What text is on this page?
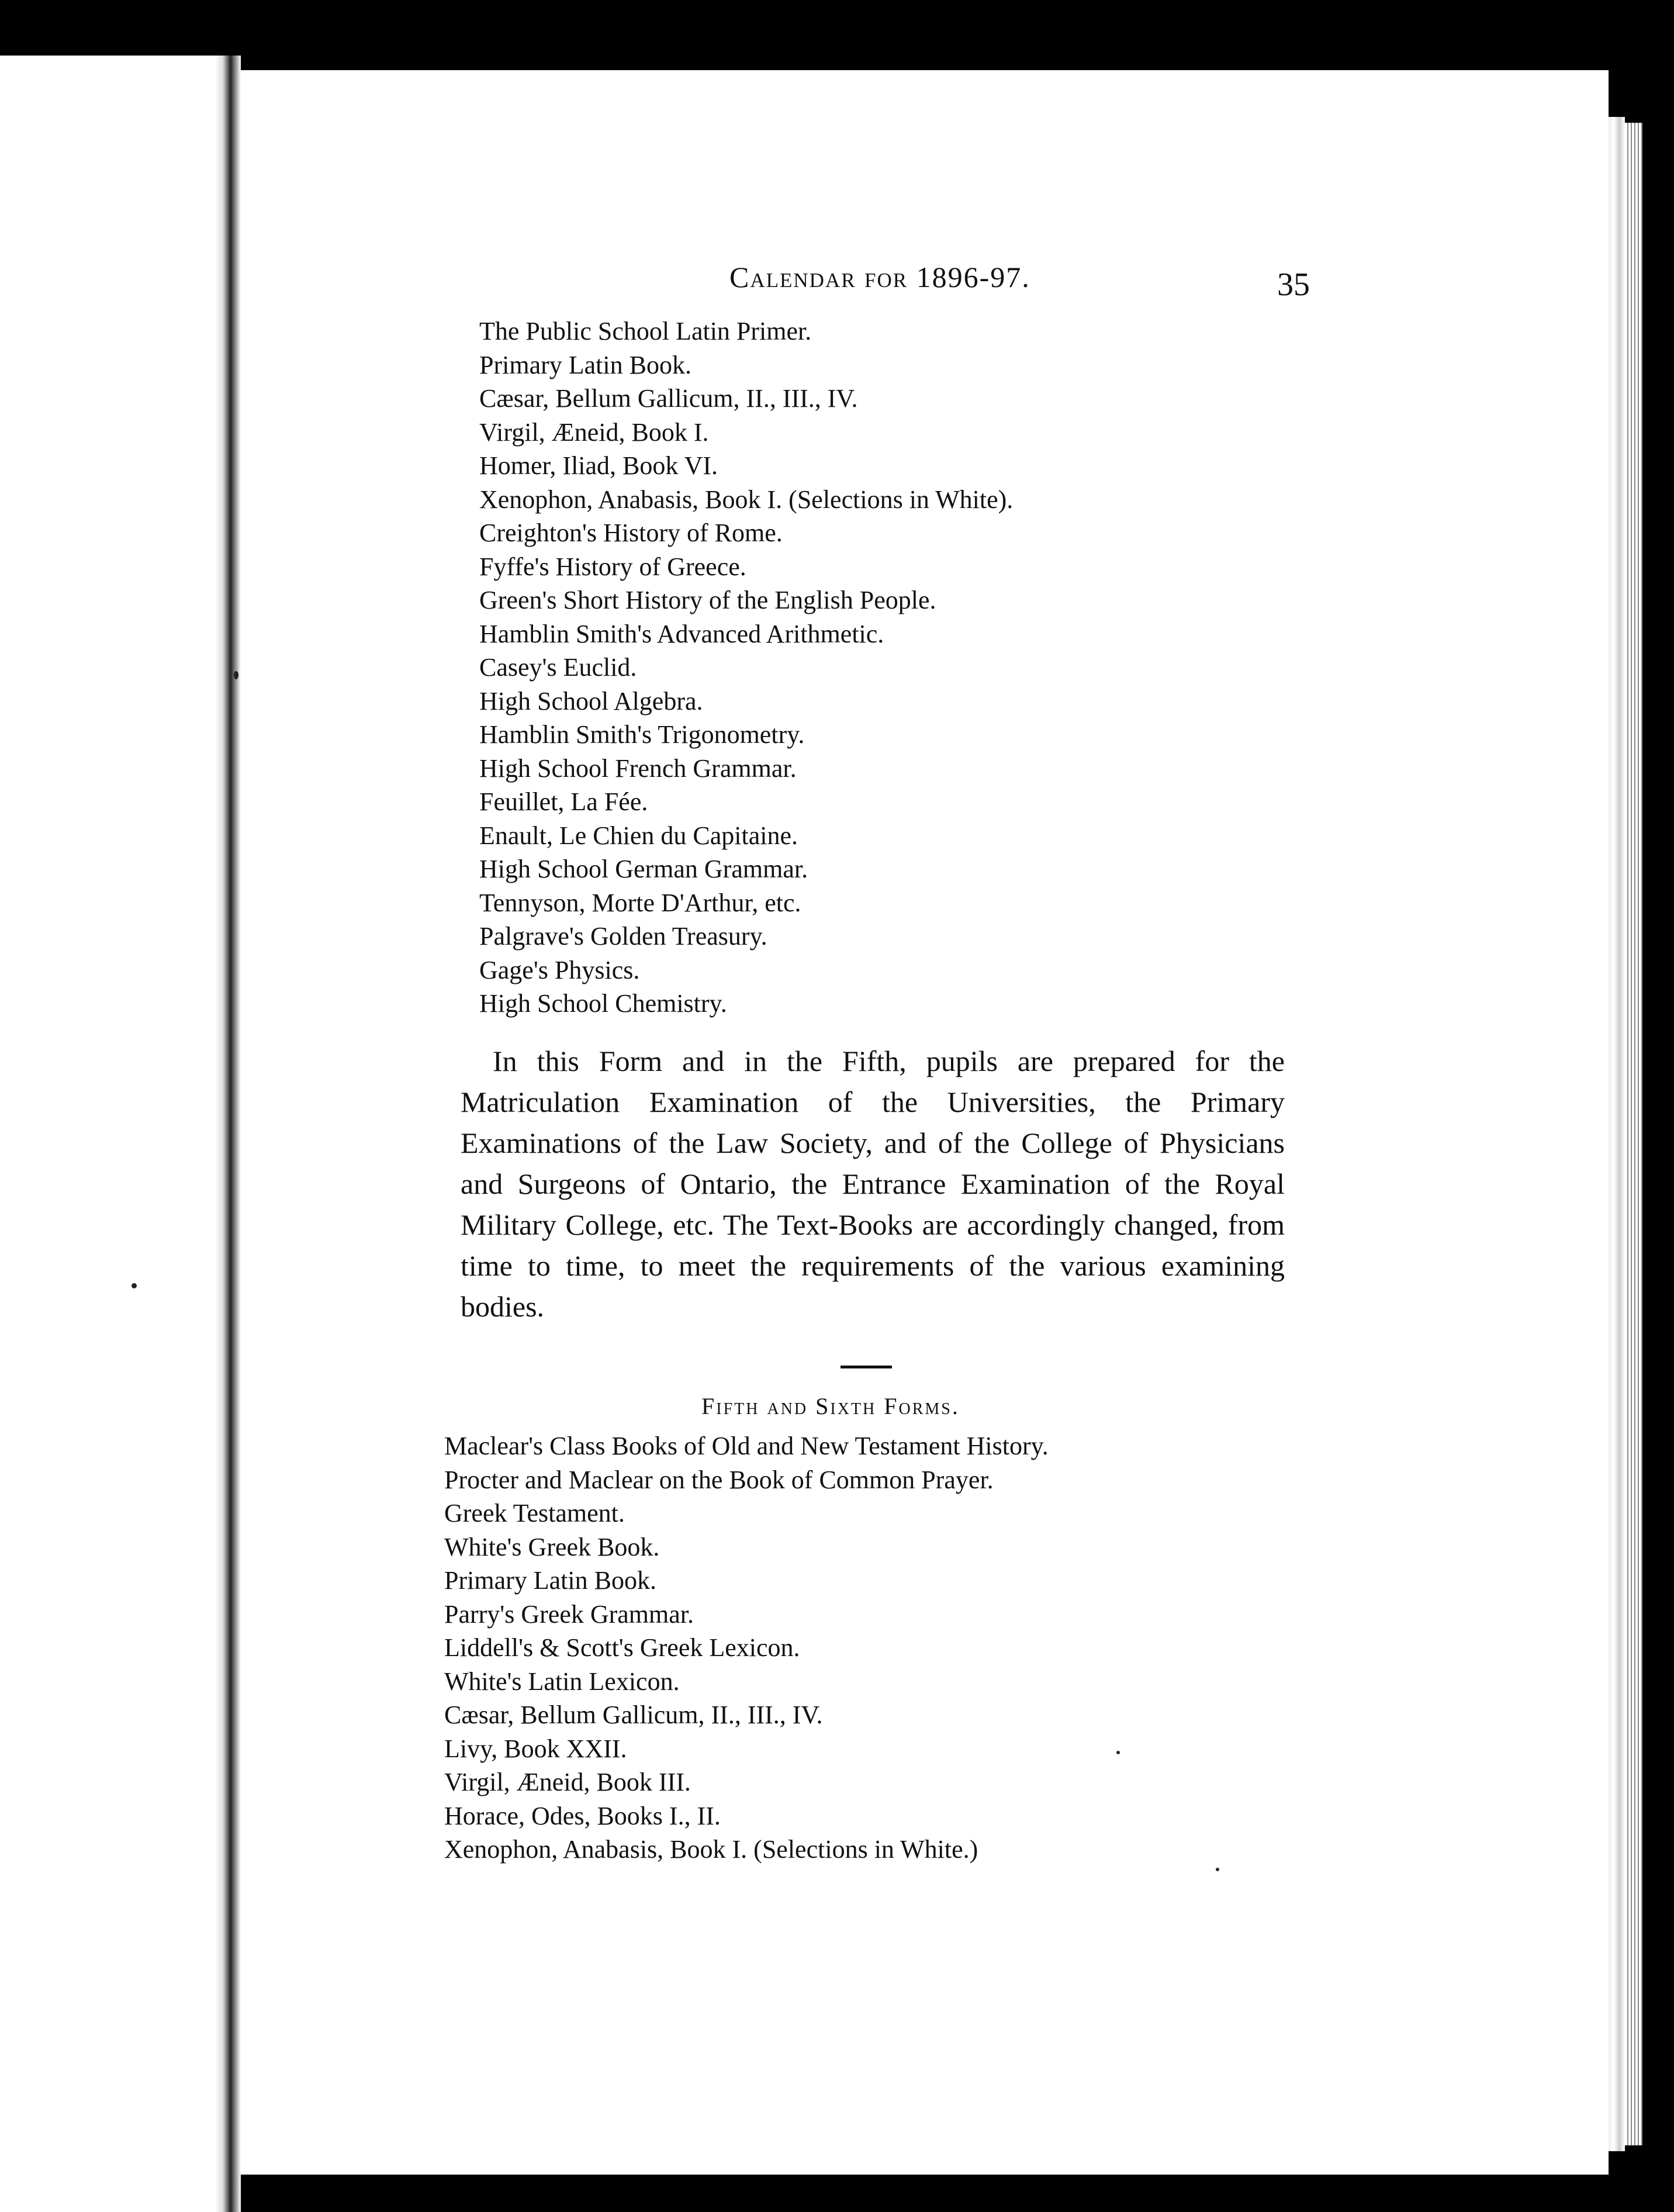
Calendar for 1896-97.	35
The Public School Latin Primer.
Primary Latin Book.
Cæsar, Bellum Gallicum, II., III., IV.
Virgil, Æneid, Book I.
Homer, Iliad, Book VI.
Xenophon, Anabasis, Book I. (Selections in White).
Creighton's History of Rome.
Fyffe's History of Greece.
Green's Short History of the English People.
Hamblin Smith's Advanced Arithmetic.
Casey's Euclid.
High School Algebra.
Hamblin Smith's Trigonometry.
High School French Grammar.
Feuillet, La Fée.
Enault, Le Chien du Capitaine.
High School German Grammar.
Tennyson, Morte D'Arthur, etc.
Palgrave's Golden Treasury.
Gage's Physics.
High School Chemistry.

In this Form and in the Fifth, pupils are prepared for the Matriculation Examination of the Universities, the Primary Examinations of the Law Society, and of the College of Physicians and Surgeons of Ontario, the Entrance Examination of the Royal Military College, etc. The Text-Books are accordingly changed, from time to time, to meet the requirements of the various examining bodies.

Fifth and Sixth Forms.
Maclear's Class Books of Old and New Testament History.
Procter and Maclear on the Book of Common Prayer.
Greek Testament.
White's Greek Book.
Primary Latin Book.
Parry's Greek Grammar.
Liddell's & Scott's Greek Lexicon.
White's Latin Lexicon.
Cæsar, Bellum Gallicum, II., III., IV.
Livy, Book XXII.
Virgil, Æneid, Book III.
Horace, Odes, Books I., II.
Xenophon, Anabasis, Book I. (Selections in White.)
